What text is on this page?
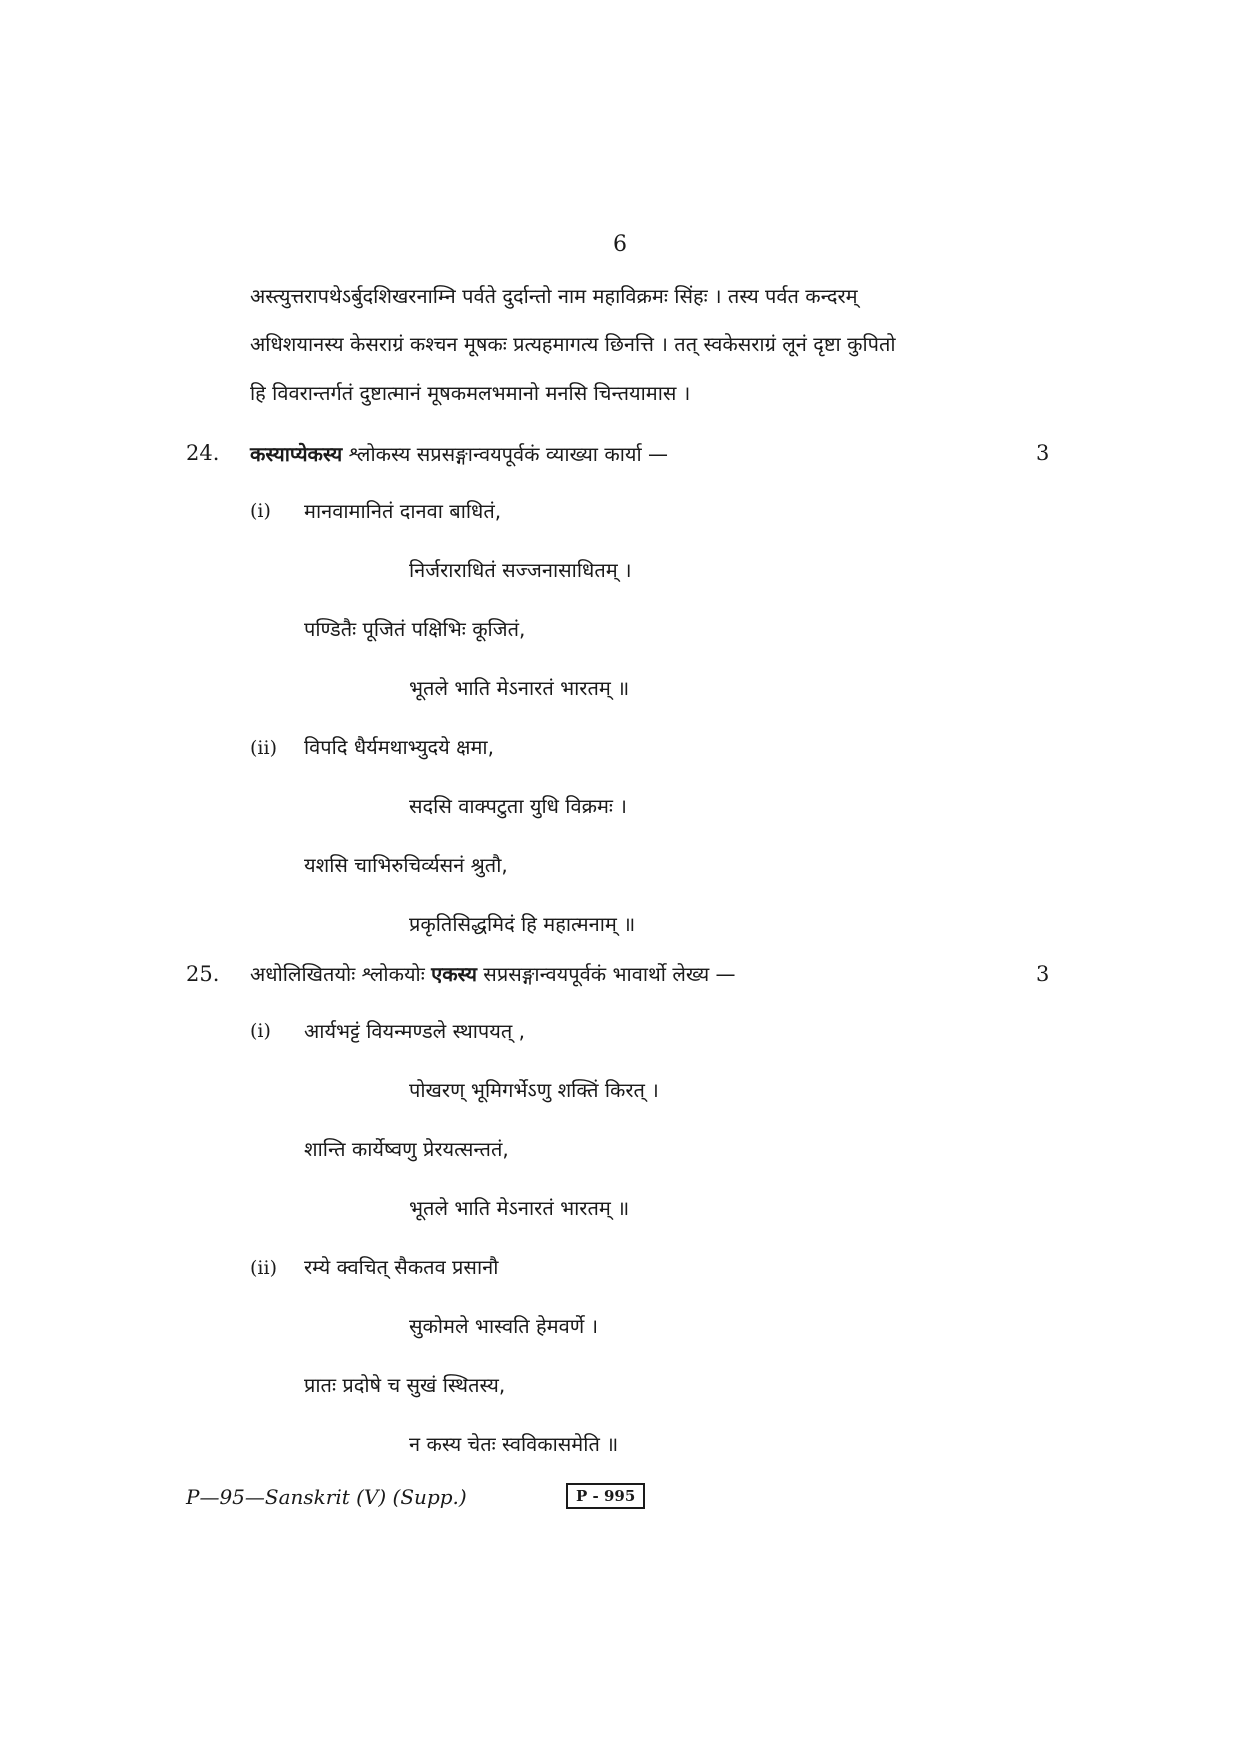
6
अस्त्युत्तरापथेऽर्बुदशिखरनाम्नि पर्वते दुर्दान्तो नाम महाविक्रमः सिंहः । तस्य पर्वत कन्दरम्
अधिशयानस्य केसराग्रं कश्चन मूषकः प्रत्यहमागत्य छिनत्ति । तत् स्वकेसराग्रं लूनं दृष्टा कुपितो
हि विवरान्तर्गतं दुष्टात्मानं मूषकमलभमानो मनसि चिन्तयामास ।
24. कस्याप्येकस्य श्लोकस्य सप्रसङ्गान्वयपूर्वकं व्याख्या कार्या —	3
(i) मानवामानितं दानवा बाधितं,
निर्जराराधितं सज्जनासाधितम् ।
पण्डितैः पूजितं पक्षिभिः कूजितं,
भूतले भाति मेऽनारतं भारतम् ॥
(ii) विपदि धैर्यमथाभ्युदये क्षमा,
सदसि वाक्पटुता युधि विक्रमः ।
यशसि चाभिरुचिर्व्यसनं श्रुतौ,
प्रकृतिसिद्धमिदं हि महात्मनाम् ॥
25. अधोलिखितयोः श्लोकयोः एकस्य सप्रसङ्गान्वयपूर्वकं भावार्थो लेख्य —	3
(i) आर्यभट्टं वियन्मण्डले स्थापयत् ,
पोखरण् भूमिगर्भेऽणु शक्तिं किरत् ।
शान्ति कार्येष्वणु प्रेरयत्सन्ततं,
भूतले भाति मेऽनारतं भारतम् ॥
(ii) रम्ये क्वचित् सैकतव प्रसानौ
सुकोमले भास्वति हेमवर्णे ।
प्रातः प्रदोषे च सुखं स्थितस्य,
न कस्य चेतः स्वविकासमेति ॥
P—95—Sanskrit (V) (Supp.)	P - 995
